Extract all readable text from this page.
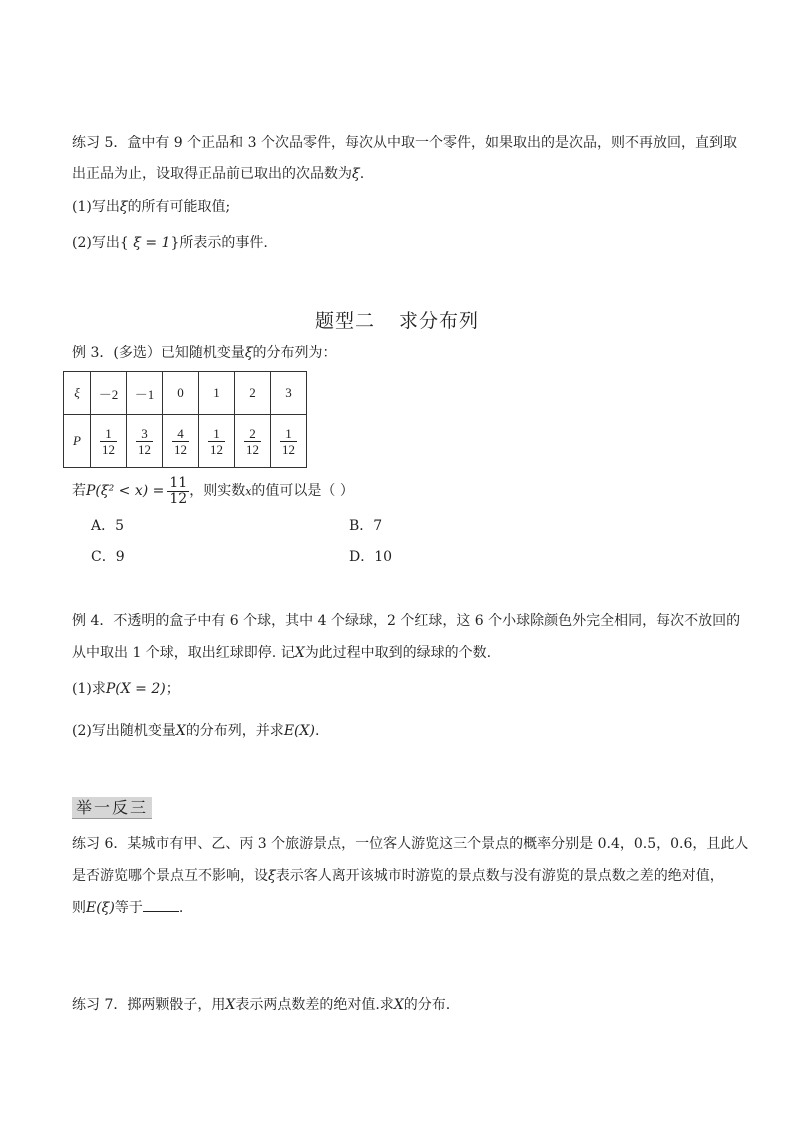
练习 5．盒中有 9 个正品和 3 个次品零件，每次从中取一个零件，如果取出的是次品，则不再放回，直到取
出正品为止，设取得正品前已取出的次品数为ξ.
(1)写出ξ的所有可能取值;
(2)写出{ ξ = 1}所表示的事件.
题型二 求分布列
例 3．(多选）已知随机变量ξ的分布列为：
ξ	－2	－1	0	1	2	3
P	$\frac{1}{12}$	$\frac{3}{12}$	$\frac{4}{12}$	$\frac{1}{12}$	$\frac{2}{12}$	$\frac{1}{12}$
若$P(\xi^2 < x) = \frac{11}{12}$ ，则实数x的值可以是（ ）
A．5	B．7
C．9	D．10
例 4．不透明的盒子中有 6 个球，其中 4 个绿球，2 个红球，这 6 个小球除颜色外完全相同，每次不放回的
从中取出 1 个球，取出红球即停. 记X为此过程中取到的绿球的个数.
(1)求P(X = 2)；
(2)写出随机变量X的分布列，并求E(X).
举一反三
练习 6．某城市有甲、乙、丙 3 个旅游景点，一位客人游览这三个景点的概率分别是 0.4，0.5，0.6，且此人
是否游览哪个景点互不影响，设ξ表示客人离开该城市时游览的景点数与没有游览的景点数之差的绝对值，
则E(ξ)等于	.
练习 7．掷两颗骰子，用X表示两点数差的绝对值.求X的分布.
